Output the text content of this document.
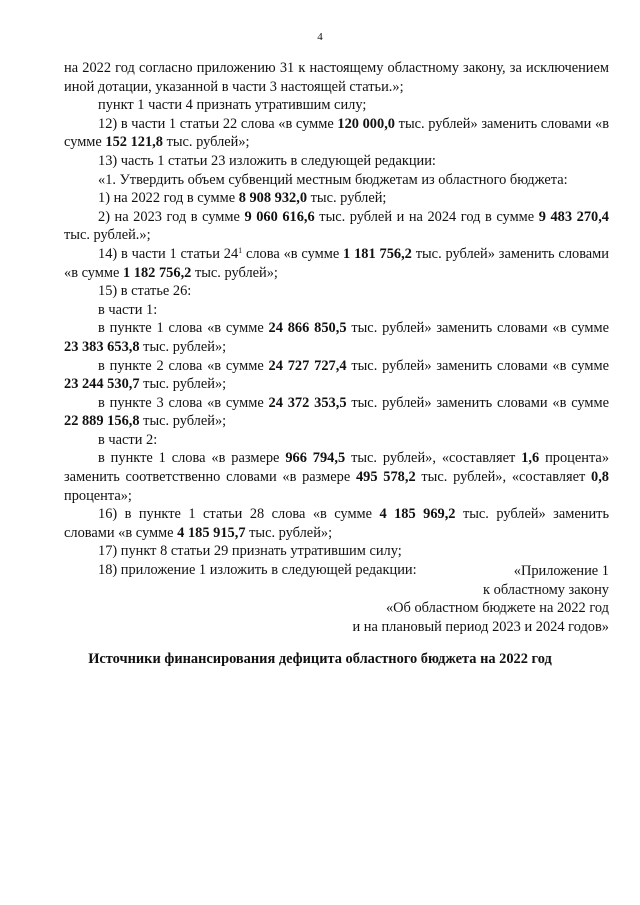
4

на 2022 год согласно приложению 31 к настоящему областному закону, за исключением иной дотации, указанной в части 3 настоящей статьи.»;

пункт 1 части 4 признать утратившим силу;

12) в части 1 статьи 22 слова «в сумме 120 000,0 тыс. рублей» заменить словами «в сумме 152 121,8 тыс. рублей»;

13) часть 1 статьи 23 изложить в следующей редакции:

«1. Утвердить объем субвенций местным бюджетам из областного бюджета:

1) на 2022 год в сумме 8 908 932,0 тыс. рублей;

2) на 2023 год в сумме 9 060 616,6 тыс. рублей и на 2024 год в сумме 9 483 270,4 тыс. рублей.»;

14) в части 1 статьи $24^1$ слова «в сумме 1 181 756,2 тыс. рублей» заменить словами «в сумме 1 182 756,2 тыс. рублей»;

15) в статье 26:

в части 1:

в пункте 1 слова «в сумме 24 866 850,5 тыс. рублей» заменить словами «в сумме 23 383 653,8 тыс. рублей»;

в пункте 2 слова «в сумме 24 727 727,4 тыс. рублей» заменить словами «в сумме 23 244 530,7 тыс. рублей»;

в пункте 3 слова «в сумме 24 372 353,5 тыс. рублей» заменить словами «в сумме 22 889 156,8 тыс. рублей»;

в части 2:

в пункте 1 слова «в размере 966 794,5 тыс. рублей», «составляет 1,6 процента» заменить соответственно словами «в размере 495 578,2 тыс. рублей», «составляет 0,8 процента»;

16) в пункте 1 статьи 28 слова «в сумме 4 185 969,2 тыс. рублей» заменить словами «в сумме 4 185 915,7 тыс. рублей»;

17) пункт 8 статьи 29 признать утратившим силу;

18) приложение 1 изложить в следующей редакции:	«Приложение 1
к областному закону
«Об областном бюджете на 2022 год
и на плановый период 2023 и 2024 годов»
Источники финансирования дефицита областного бюджета на 2022 год
